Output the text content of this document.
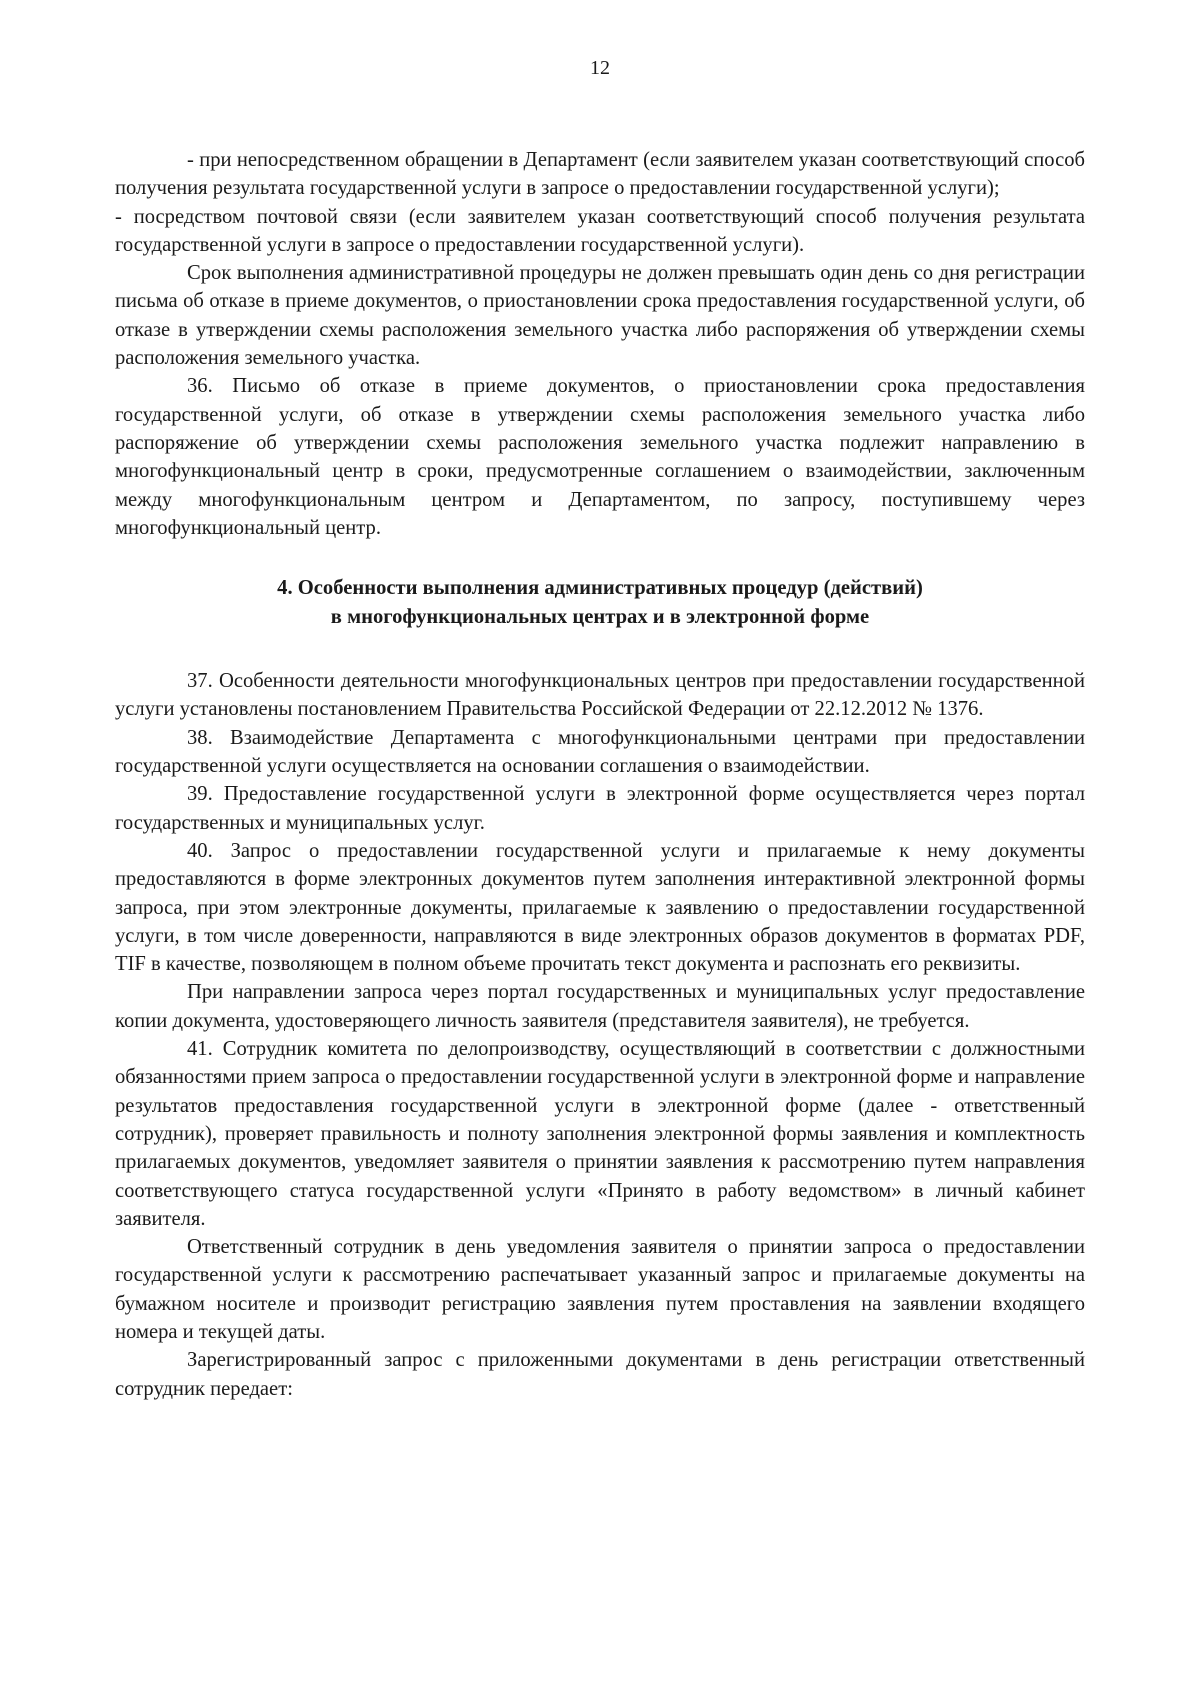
12

- при непосредственном обращении в Департамент (если заявителем указан соответствующий способ получения результата государственной услуги в запросе о предоставлении государственной услуги);

- посредством почтовой связи (если заявителем указан соответствующий способ получения результата государственной услуги в запросе о предоставлении государственной услуги).

Срок выполнения административной процедуры не должен превышать один день со дня регистрации письма об отказе в приеме документов, о приостановлении срока предоставления государственной услуги, об отказе в утверждении схемы расположения земельного участка либо распоряжения об утверждении схемы расположения земельного участка.

36. Письмо об отказе в приеме документов, о приостановлении срока предоставления государственной услуги, об отказе в утверждении схемы расположения земельного участка либо распоряжение об утверждении схемы расположения земельного участка подлежит направлению в многофункциональный центр в сроки, предусмотренные соглашением о взаимодействии, заключенным между многофункциональным центром и Департаментом, по запросу, поступившему через многофункциональный центр.

4. Особенности выполнения административных процедур (действий)
в многофункциональных центрах и в электронной форме

37. Особенности деятельности многофункциональных центров при предоставлении государственной услуги установлены постановлением Правительства Российской Федерации от 22.12.2012 № 1376.

38. Взаимодействие Департамента с многофункциональными центрами при предоставлении государственной услуги осуществляется на основании соглашения о взаимодействии.

39. Предоставление государственной услуги в электронной форме осуществляется через портал государственных и муниципальных услуг.

40. Запрос о предоставлении государственной услуги и прилагаемые к нему документы предоставляются в форме электронных документов путем заполнения интерактивной электронной формы запроса, при этом электронные документы, прилагаемые к заявлению о предоставлении государственной услуги, в том числе доверенности, направляются в виде электронных образов документов в форматах PDF, TIF в качестве, позволяющем в полном объеме прочитать текст документа и распознать его реквизиты.

При направлении запроса через портал государственных и муниципальных услуг предоставление копии документа, удостоверяющего личность заявителя (представителя заявителя), не требуется.

41. Сотрудник комитета по делопроизводству, осуществляющий в соответствии с должностными обязанностями прием запроса о предоставлении государственной услуги в электронной форме и направление результатов предоставления государственной услуги в электронной форме (далее - ответственный сотрудник), проверяет правильность и полноту заполнения электронной формы заявления и комплектность прилагаемых документов, уведомляет заявителя о принятии заявления к рассмотрению путем направления соответствующего статуса государственной услуги «Принято в работу ведомством» в личный кабинет заявителя.

Ответственный сотрудник в день уведомления заявителя о принятии запроса о предоставлении государственной услуги к рассмотрению распечатывает указанный запрос и прилагаемые документы на бумажном носителе и производит регистрацию заявления путем проставления на заявлении входящего номера и текущей даты.

Зарегистрированный запрос с приложенными документами в день регистрации ответственный сотрудник передает:
